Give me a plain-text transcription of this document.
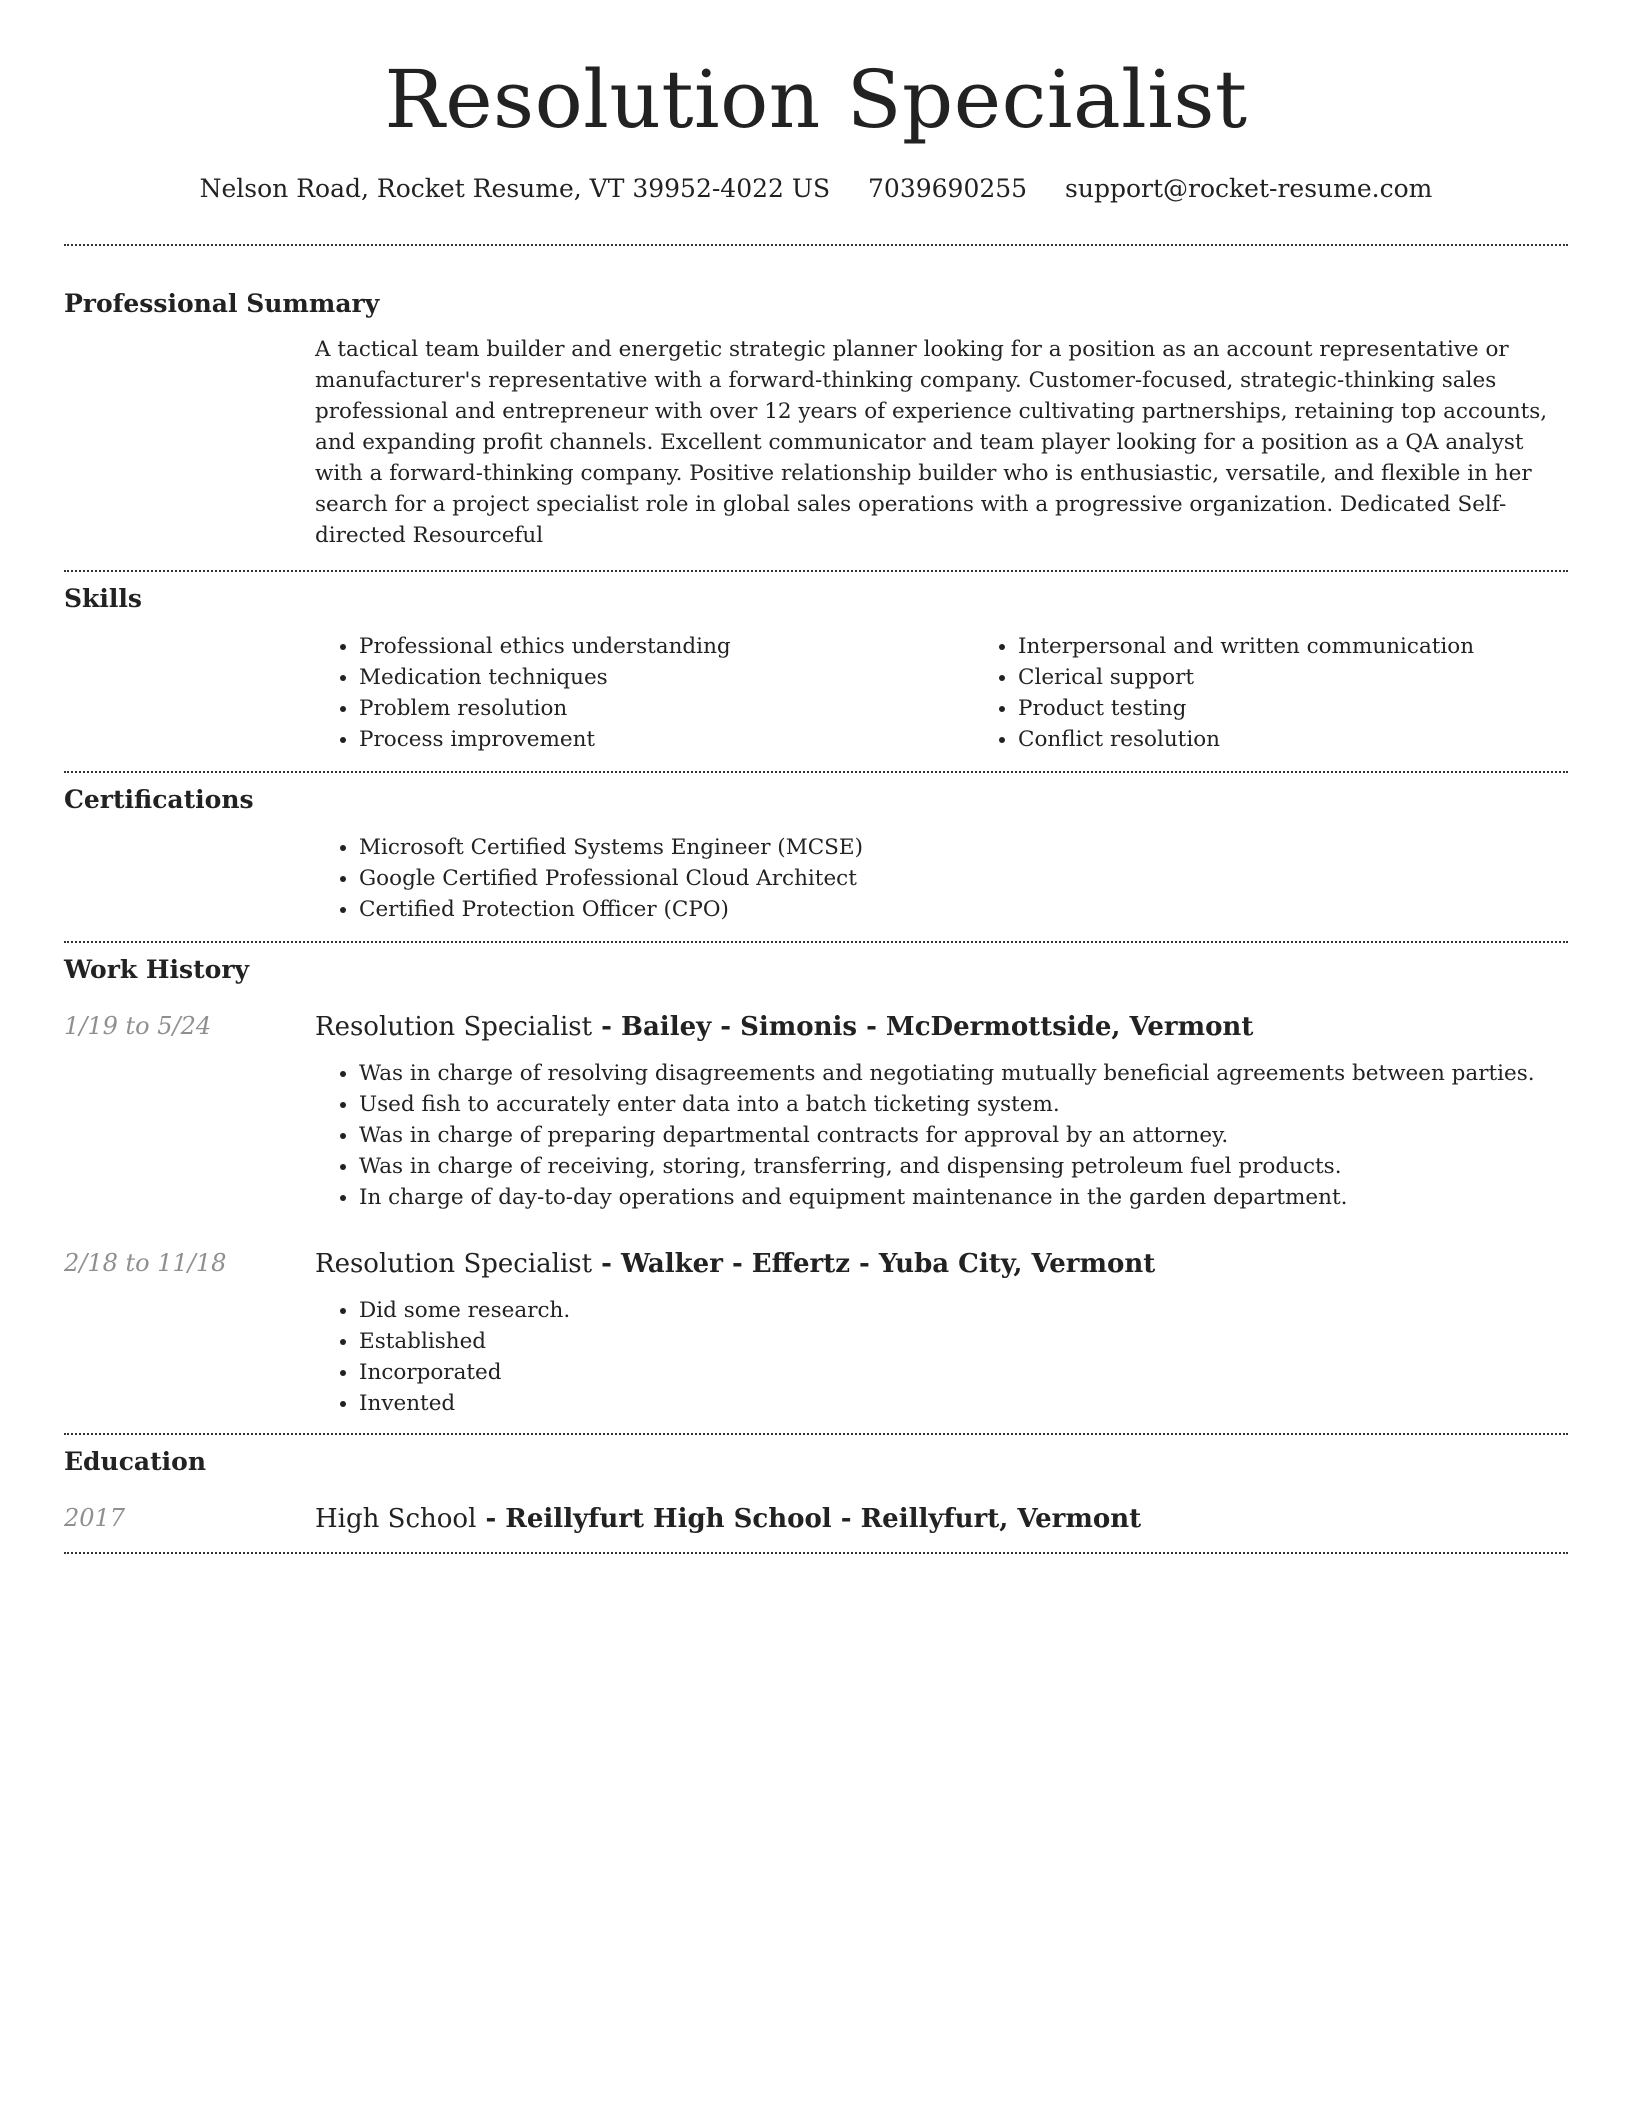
Resolution Specialist
Nelson Road, Rocket Resume, VT 39952-4022 US 7039690255 support@rocket-resume.com
Professional Summary

A tactical team builder and energetic strategic planner looking for a position as an account representative or manufacturer's representative with a forward-thinking company. Customer-focused, strategic-thinking sales professional and entrepreneur with over 12 years of experience cultivating partnerships, retaining top accounts, and expanding profit channels. Excellent communicator and team player looking for a position as a QA analyst with a forward-thinking company. Positive relationship builder who is enthusiastic, versatile, and flexible in her search for a project specialist role in global sales operations with a progressive organization. Dedicated Self-directed Resourceful

Skills
• Professional ethics understanding
• Medication techniques
• Problem resolution
• Process improvement
• Interpersonal and written communication
• Clerical support
• Product testing
• Conflict resolution
Certifications
• Microsoft Certified Systems Engineer (MCSE)
• Google Certified Professional Cloud Architect
• Certified Protection Officer (CPO)
Work History
1/19 to 5/24	Resolution Specialist - Bailey - Simonis - McDermottside, Vermont
• Was in charge of resolving disagreements and negotiating mutually beneficial agreements between parties.
• Used fish to accurately enter data into a batch ticketing system.
• Was in charge of preparing departmental contracts for approval by an attorney.
• Was in charge of receiving, storing, transferring, and dispensing petroleum fuel products.
• In charge of day-to-day operations and equipment maintenance in the garden department.
2/18 to 11/18	Resolution Specialist - Walker - Effertz - Yuba City, Vermont
• Did some research.
• Established
• Incorporated
• Invented
Education
2017	High School - Reillyfurt High School - Reillyfurt, Vermont
